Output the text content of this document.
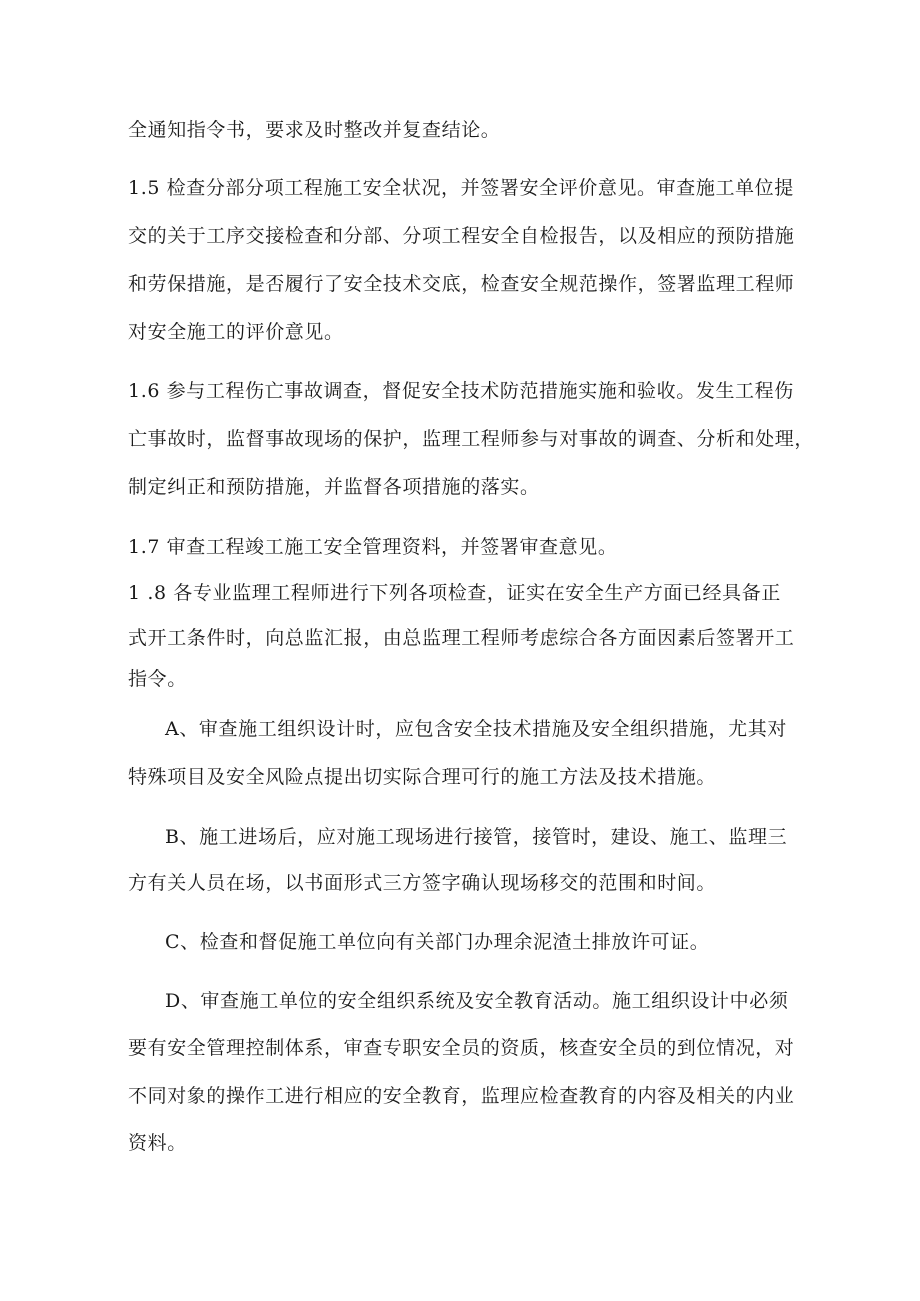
全通知指令书，要求及时整改并复查结论。
1.5 检查分部分项工程施工安全状况，并签署安全评价意见。审查施工单位提
交的关于工序交接检查和分部、分项工程安全自检报告，以及相应的预防措施
和劳保措施，是否履行了安全技术交底，检查安全规范操作，签署监理工程师
对安全施工的评价意见。
1.6 参与工程伤亡事故调查，督促安全技术防范措施实施和验收。发生工程伤
亡事故时，监督事故现场的保护，监理工程师参与对事故的调查、分析和处理，
制定纠正和预防措施，并监督各项措施的落实。
1.7 审查工程竣工施工安全管理资料，并签署审查意见。
1 .8 各专业监理工程师进行下列各项检查，证实在安全生产方面已经具备正
式开工条件时，向总监汇报，由总监理工程师考虑综合各方面因素后签署开工
指令。
A、审查施工组织设计时，应包含安全技术措施及安全组织措施，尤其对
特殊项目及安全风险点提出切实际合理可行的施工方法及技术措施。
B、施工进场后，应对施工现场进行接管，接管时，建设、施工、监理三
方有关人员在场，以书面形式三方签字确认现场移交的范围和时间。
C、检查和督促施工单位向有关部门办理余泥渣土排放许可证。
D、审查施工单位的安全组织系统及安全教育活动。施工组织设计中必须
要有安全管理控制体系，审查专职安全员的资质，核查安全员的到位情况，对
不同对象的操作工进行相应的安全教育，监理应检查教育的内容及相关的内业
资料。
